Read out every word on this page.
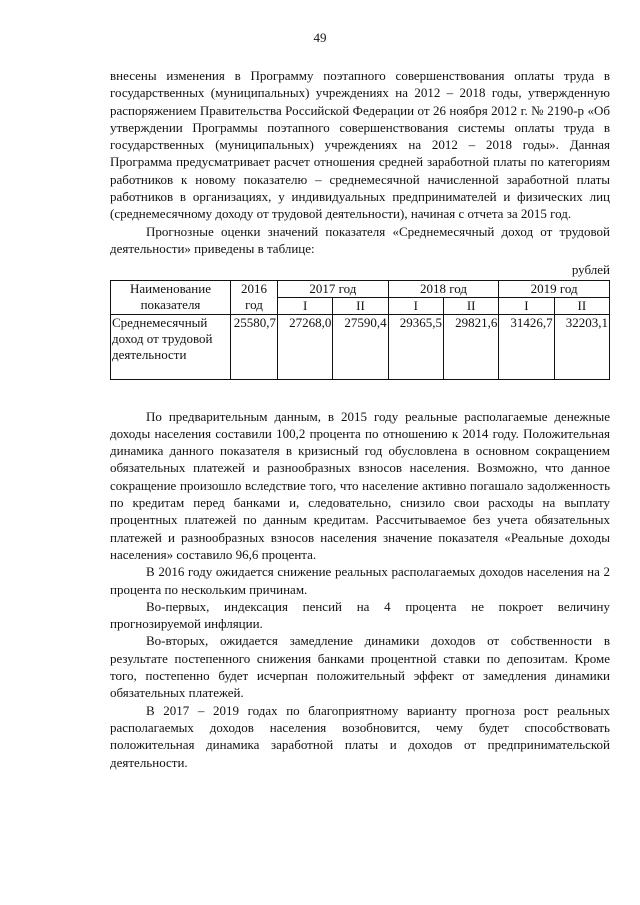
49

внесены изменения в Программу поэтапного совершенствования оплаты труда в государственных (муниципальных) учреждениях на 2012 – 2018 годы, утвержденную распоряжением Правительства Российской Федерации от 26 ноября 2012 г. № 2190-р «Об утверждении Программы поэтапного совершенствования системы оплаты труда в государственных (муниципальных) учреждениях на 2012 – 2018 годы». Данная Программа предусматривает расчет отношения средней заработной платы по категориям работников к новому показателю – среднемесячной начисленной заработной платы работников в организациях, у индивидуальных предпринимателей и физических лиц (среднемесячному доходу от трудовой деятельности), начиная с отчета за 2015 год.

Прогнозные оценки значений показателя «Среднемесячный доход от трудовой деятельности» приведены в таблице:

рублей
Наименование показателя	2016 год	2017 год		2018 год		2019 год	
		I	II	I	II	I	II
Среднемесячный доход от трудовой деятельности	25580,7	27268,0	27590,4	29365,5	29821,6	31426,7	32203,1

По предварительным данным, в 2015 году реальные располагаемые денежные доходы населения составили 100,2 процента по отношению к 2014 году. Положительная динамика данного показателя в кризисный год обусловлена в основном сокращением обязательных платежей и разнообразных взносов населения. Возможно, что данное сокращение произошло вследствие того, что население активно погашало задолженность по кредитам перед банками и, следовательно, снизило свои расходы на выплату процентных платежей по данным кредитам. Рассчитываемое без учета обязательных платежей и разнообразных взносов населения значение показателя «Реальные доходы населения» составило 96,6 процента.

В 2016 году ожидается снижение реальных располагаемых доходов населения на 2 процента по нескольким причинам.

Во-первых, индексация пенсий на 4 процента не покроет величину прогнозируемой инфляции.

Во-вторых, ожидается замедление динамики доходов от собственности в результате постепенного снижения банками процентной ставки по депозитам. Кроме того, постепенно будет исчерпан положительный эффект от замедления динамики обязательных платежей.

В 2017 – 2019 годах по благоприятному варианту прогноза рост реальных располагаемых доходов населения возобновится, чему будет способствовать положительная динамика заработной платы и доходов от предпринимательской деятельности.
